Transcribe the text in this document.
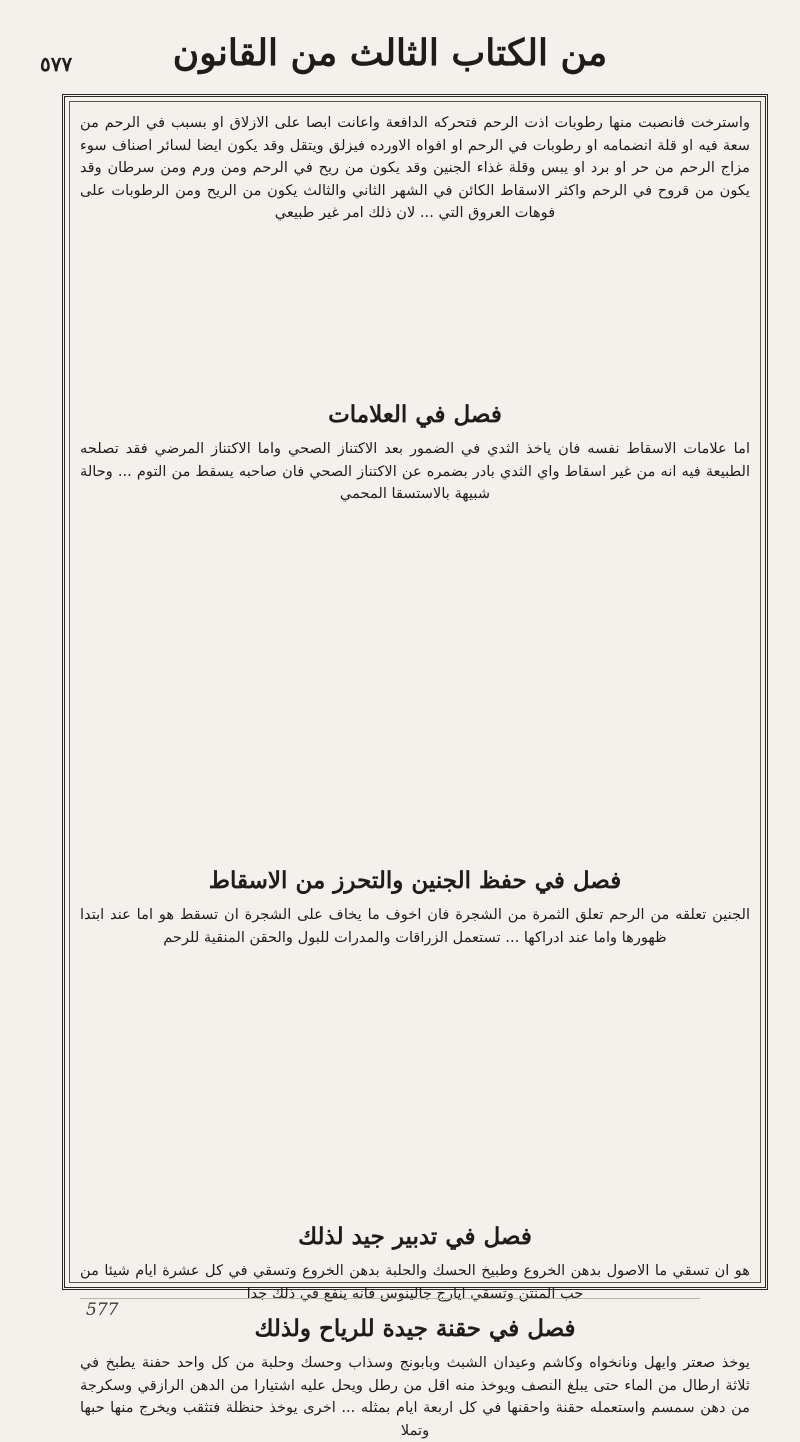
من الكتاب الثالث من القانون
٥٧٧

واسترخت فانصبت منها رطوبات اذت الرحم فتحركه الدافعة واعانت ابصا على الازلاق او بسبب في الرحم من سعة فيه او قلة انضمامه او رطوبات في الرحم او افواه الاورده فيزلق ويتقل وقد يكون ايضا لسائر اصناف سوء مزاج الرحم من حر او برد او يبس وقلة غذاء الجنين وقد يكون من ريح في الرحم ومن ورم ومن سرطان وقد يكون من قروح في الرحم واكثر الاسقاط الكائن في الشهر الثاني والثالث يكون من الريح ومن الرطوبات على فوهات العروق التي ... لان ذلك امر غير طبيعي

فصل في العلامات

اما علامات الاسقاط نفسه فان ياخذ الثدي في الضمور بعد الاكتناز الصحي واما الاكتناز المرضي فقد تصلحه الطبيعة فيه انه من غير اسقاط واي الثدي بادر بضمره عن الاكتناز الصحي فان صاحبه يسقط من التوم ... وحالة شبيهة بالاستسقا المحمي

فصل في حفظ الجنين والتحرز من الاسقاط

الجنين تعلقه من الرحم تعلق الثمرة من الشجرة فان اخوف ما يخاف على الشجرة ان تسقط هو اما عند ابتدا ظهورها واما عند ادراكها ... تستعمل الزراقات والمدرات للبول والحقن المنقية للرحم

فصل في تدبير جيد لذلك

هو ان تسقي ما الاصول بدهن الخروع وطبيخ الحسك والحلبة بدهن الخروع وتسقي في كل عشرة ايام شيئا من حب المنتن وتسقي ايارج جالينوس فانه ينفع في ذلك جدا

فصل في حقنة جيدة للرياح ولذلك

يوخذ صعتر وايهل ونانخواه وكاشم وعيدان الشبث وبابونج وسذاب وحسك وحلبة من كل واحد حفنة يطبخ في ثلاثة ارطال من الماء حتى يبلغ النصف ويوخذ منه اقل من رطل ويحل عليه اشتيارا من الدهن الرازقي وسكرجة من دهن سمسم واستعمله حقنة واحقنها في كل اربعة ايام بمثله ... اخرى يوخذ حنظلة فتثقب ويخرج منها حبها وتملا

577
